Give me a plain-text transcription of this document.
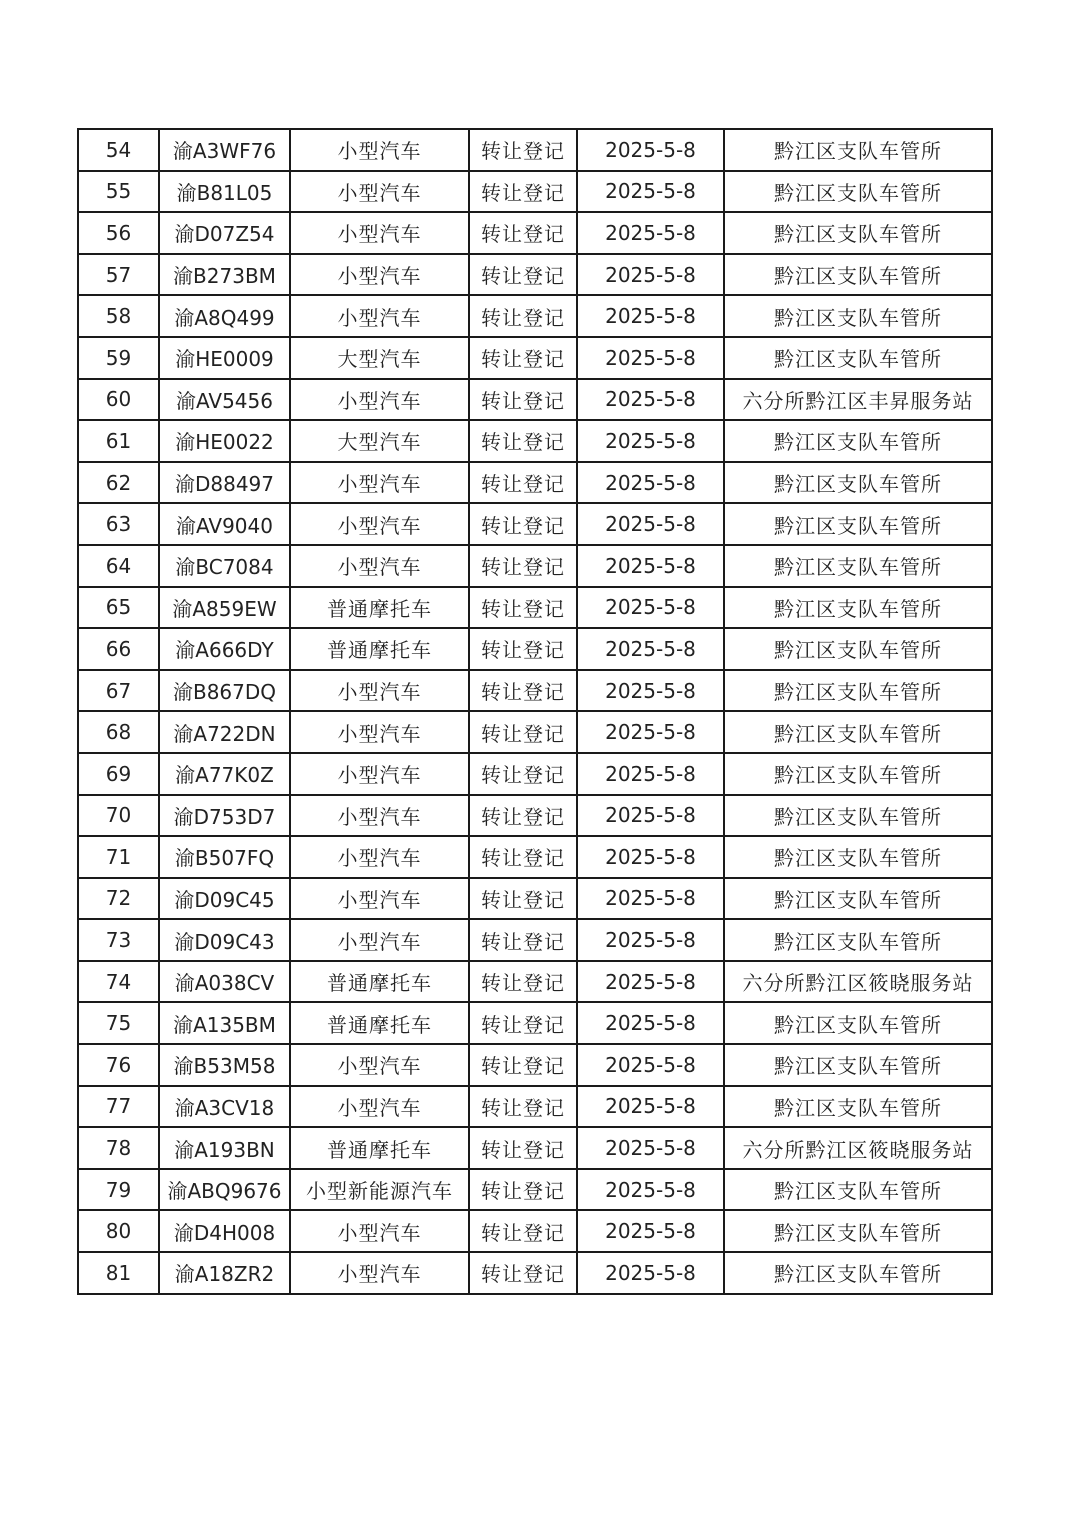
54	渝A3WF76	小型汽车	转让登记	2025-5-8	黔江区支队车管所
55	渝B81L05	小型汽车	转让登记	2025-5-8	黔江区支队车管所
56	渝D07Z54	小型汽车	转让登记	2025-5-8	黔江区支队车管所
57	渝B273BM	小型汽车	转让登记	2025-5-8	黔江区支队车管所
58	渝A8Q499	小型汽车	转让登记	2025-5-8	黔江区支队车管所
59	渝HE0009	大型汽车	转让登记	2025-5-8	黔江区支队车管所
60	渝AV5456	小型汽车	转让登记	2025-5-8	六分所黔江区丰昇服务站
61	渝HE0022	大型汽车	转让登记	2025-5-8	黔江区支队车管所
62	渝D88497	小型汽车	转让登记	2025-5-8	黔江区支队车管所
63	渝AV9040	小型汽车	转让登记	2025-5-8	黔江区支队车管所
64	渝BC7084	小型汽车	转让登记	2025-5-8	黔江区支队车管所
65	渝A859EW	普通摩托车	转让登记	2025-5-8	黔江区支队车管所
66	渝A666DY	普通摩托车	转让登记	2025-5-8	黔江区支队车管所
67	渝B867DQ	小型汽车	转让登记	2025-5-8	黔江区支队车管所
68	渝A722DN	小型汽车	转让登记	2025-5-8	黔江区支队车管所
69	渝A77K0Z	小型汽车	转让登记	2025-5-8	黔江区支队车管所
70	渝D753D7	小型汽车	转让登记	2025-5-8	黔江区支队车管所
71	渝B507FQ	小型汽车	转让登记	2025-5-8	黔江区支队车管所
72	渝D09C45	小型汽车	转让登记	2025-5-8	黔江区支队车管所
73	渝D09C43	小型汽车	转让登记	2025-5-8	黔江区支队车管所
74	渝A038CV	普通摩托车	转让登记	2025-5-8	六分所黔江区筱晓服务站
75	渝A135BM	普通摩托车	转让登记	2025-5-8	黔江区支队车管所
76	渝B53M58	小型汽车	转让登记	2025-5-8	黔江区支队车管所
77	渝A3CV18	小型汽车	转让登记	2025-5-8	黔江区支队车管所
78	渝A193BN	普通摩托车	转让登记	2025-5-8	六分所黔江区筱晓服务站
79	渝ABQ9676	小型新能源汽车	转让登记	2025-5-8	黔江区支队车管所
80	渝D4H008	小型汽车	转让登记	2025-5-8	黔江区支队车管所
81	渝A18ZR2	小型汽车	转让登记	2025-5-8	黔江区支队车管所
